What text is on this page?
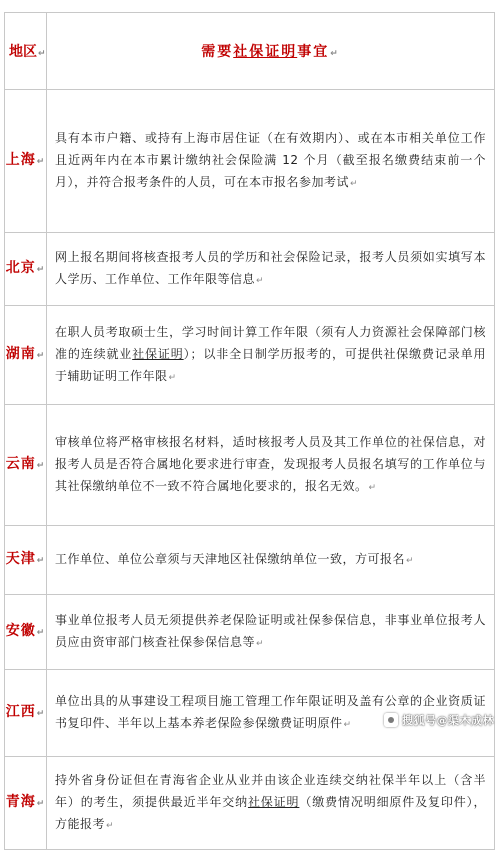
地区↵	需要社保证明事宜↵
上海↵	具有本市户籍、或持有上海市居住证（在有效期内）、或在本市相关单位工作且近两年内在本市累计缴纳社会保险满 12 个月（截至报名缴费结束前一个月），并符合报考条件的人员，可在本市报名参加考试↵
北京↵	网上报名期间将核查报考人员的学历和社会保险记录，报考人员须如实填写本人学历、工作单位、工作年限等信息↵
湖南↵	在职人员考取硕士生，学习时间计算工作年限（须有人力资源社会保障部门核准的连续就业社保证明）；以非全日制学历报考的，可提供社保缴费记录单用于辅助证明工作年限↵
云南↵	审核单位将严格审核报名材料，适时核报考人员及其工作单位的社保信息，对报考人员是否符合属地化要求进行审查，发现报考人员报名填写的工作单位与其社保缴纳单位不一致不符合属地化要求的，报名无效。↵
天津↵	工作单位、单位公章须与天津地区社保缴纳单位一致，方可报名↵
安徽↵	事业单位报考人员无须提供养老保险证明或社保参保信息，非事业单位报考人员应由资审部门核查社保参保信息等↵
江西↵	单位出具的从事建设工程项目施工管理工作年限证明及盖有公章的企业资质证书复印件、半年以上基本养老保险参保缴费证明原件↵
青海↵	持外省身份证但在青海省企业从业并由该企业连续交纳社保半年以上（含半年）的考生，须提供最近半年交纳社保证明（缴费情况明细原件及复印件），方能报考↵
搜狐号@渠木成林
